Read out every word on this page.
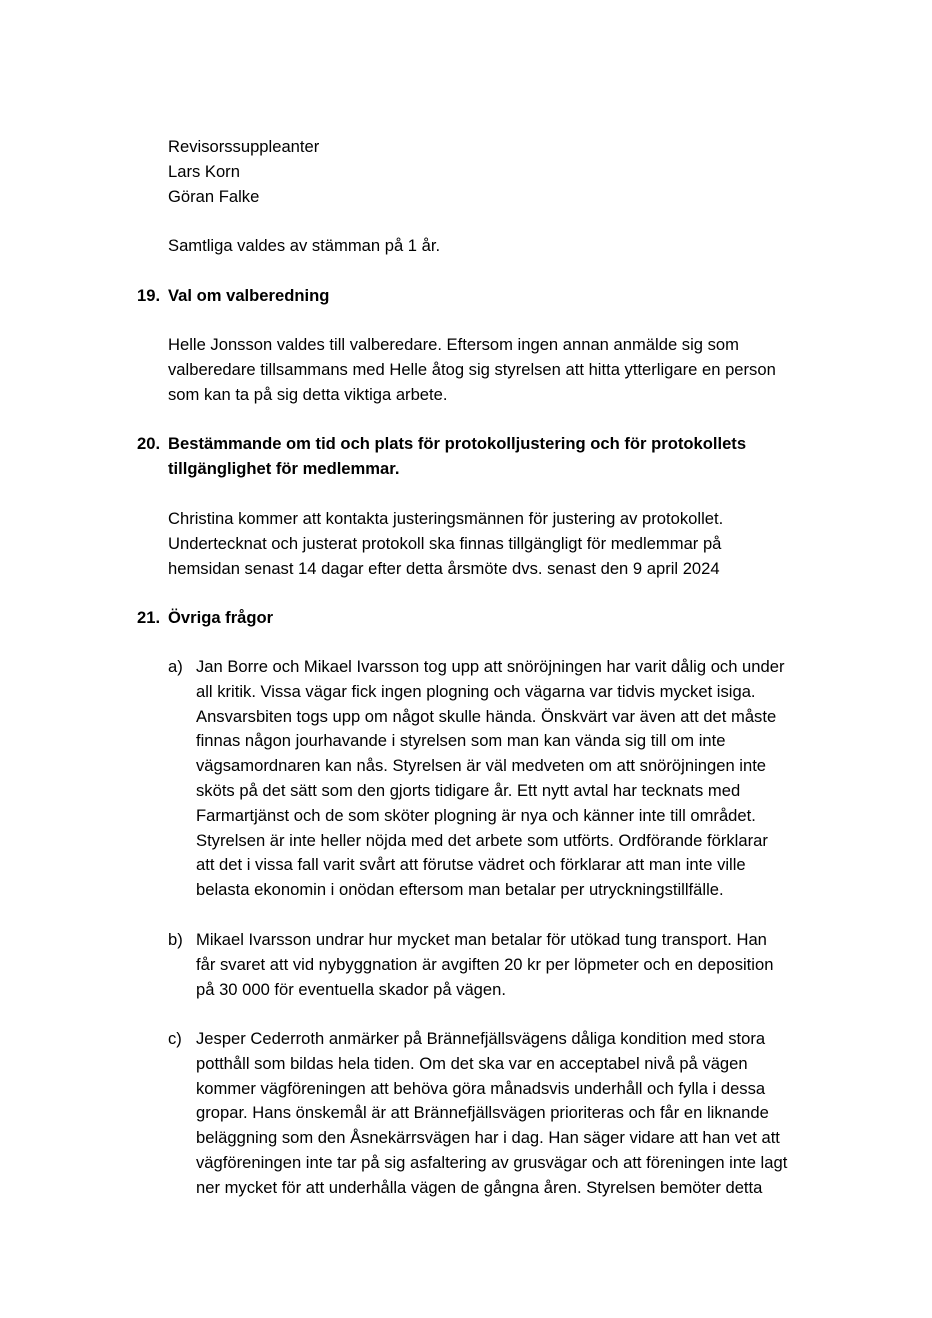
Revisorssuppleanter
Lars Korn
Göran Falke
Samtliga valdes av stämman på 1 år.
19. Val om valberedning
Helle Jonsson valdes till valberedare. Eftersom ingen annan anmälde sig som
valberedare tillsammans med Helle åtog sig styrelsen att hitta ytterligare en person
som kan ta på sig detta viktiga arbete.
20. Bestämmande om tid och plats för protokolljustering och för protokollets
tillgänglighet för medlemmar.
Christina kommer att kontakta justeringsmännen för justering av protokollet.
Undertecknat och justerat protokoll ska finnas tillgängligt för medlemmar på
hemsidan senast 14 dagar efter detta årsmöte dvs. senast den 9 april 2024
21. Övriga frågor
a) Jan Borre och Mikael Ivarsson tog upp att snöröjningen har varit dålig och under
all kritik. Vissa vägar fick ingen plogning och vägarna var tidvis mycket isiga.
Ansvarsbiten togs upp om något skulle hända. Önskvärt var även att det måste
finnas någon jourhavande i styrelsen som man kan vända sig till om inte
vägsamordnaren kan nås. Styrelsen är väl medveten om att snöröjningen inte
sköts på det sätt som den gjorts tidigare år. Ett nytt avtal har tecknats med
Farmartjänst och de som sköter plogning är nya och känner inte till området.
Styrelsen är inte heller nöjda med det arbete som utförts. Ordförande förklarar
att det i vissa fall varit svårt att förutse vädret och förklarar att man inte ville
belasta ekonomin i onödan eftersom man betalar per utryckningstillfälle.
b) Mikael Ivarsson undrar hur mycket man betalar för utökad tung transport. Han
får svaret att vid nybyggnation är avgiften 20 kr per löpmeter och en deposition
på 30 000 för eventuella skador på vägen.
c) Jesper Cederroth anmärker på Brännefjällsvägens dåliga kondition med stora
potthåll som bildas hela tiden. Om det ska var en acceptabel nivå på vägen
kommer vägföreningen att behöva göra månadsvis underhåll och fylla i dessa
gropar. Hans önskemål är att Brännefjällsvägen prioriteras och får en liknande
beläggning som den Åsnekärrsvägen har i dag. Han säger vidare att han vet att
vägföreningen inte tar på sig asfaltering av grusvägar och att föreningen inte lagt
ner mycket för att underhålla vägen de gångna åren. Styrelsen bemöter detta
